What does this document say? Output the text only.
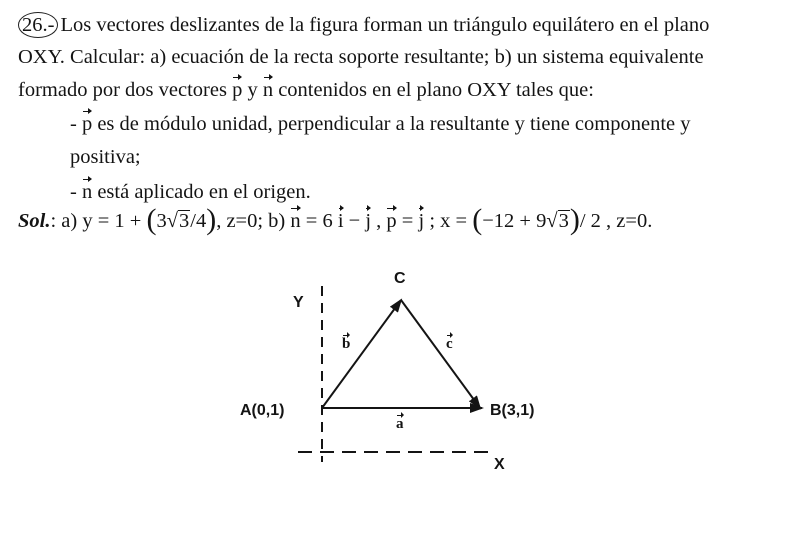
26.- Los vectores deslizantes de la figura forman un triángulo equilátero en el plano
OXY. Calcular: a) ecuación de la recta soporte resultante; b) un sistema equivalente
formado por dos vectores p y n contenidos en el plano OXY tales que:
- p es de módulo unidad, perpendicular a la resultante y tiene componente y
positiva;
- n está aplicado en el origen.
Sol.: a) y = 1 + (3√3/4), z=0; b) n = 6 i − j , p = j ; x = (−12 + 9√3)/ 2 , z=0.
Y
X
C
A(0,1)	B(3,1)
b	c
a
